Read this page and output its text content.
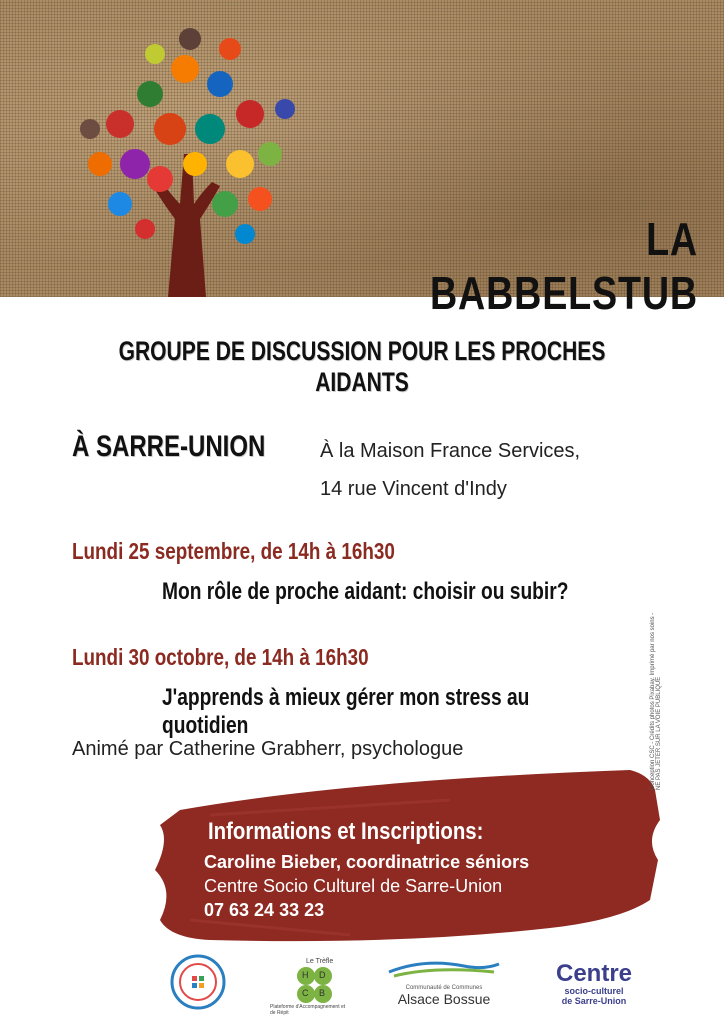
LA BABBELSTUB
GROUPE DE DISCUSSION POUR LES PROCHES AIDANTS
À SARRE-UNION	À la Maison France Services,
14 rue Vincent d'Indy
Lundi 25 septembre, de 14h à 16h30
Mon rôle de proche aidant: choisir ou subir?
Lundi 30 octobre, de 14h à 16h30
J'apprends à mieux gérer mon stress au quotidien
Animé par Catherine Grabherr, psychologue
Informations et Inscriptions:
Caroline Bieber, coordinatrice séniors
Centre Socio Culturel de Sarre-Union
07 63 24 33 23
Conception CSC - Crédits photos Pixabay. Imprimé par nos soins - NE PAS JETER SUR LA VOIE PUBLIQUE
Le Trèfle
H D
C B
Plateforme d'Accompagnement et de Répit
Communauté de Communes
Alsace Bossue
Centre
socio-culturel
de Sarre-Union
